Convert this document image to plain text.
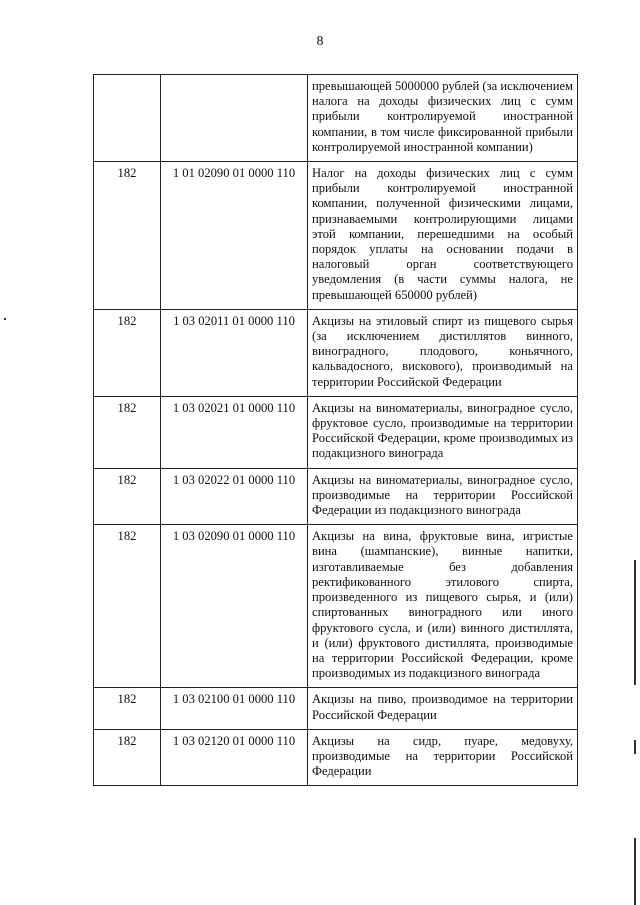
8
		превышающей 5000000 рублей (за исключением налога на доходы физических лиц с сумм прибыли контролируемой иностранной компании, в том числе фиксированной прибыли контролируемой иностранной компании)
182	1 01 02090 01 0000 110	Налог на доходы физических лиц с сумм прибыли контролируемой иностранной компании, полученной физическими лицами, признаваемыми контролирующими лицами этой компании, перешедшими на особый порядок уплаты на основании подачи в налоговый орган соответствующего уведомления (в части суммы налога, не превышающей 650000 рублей)
182	1 03 02011 01 0000 110	Акцизы на этиловый спирт из пищевого сырья (за исключением дистиллятов винного, виноградного, плодового, коньячного, кальвадосного, вискового), производимый на территории Российской Федерации
182	1 03 02021 01 0000 110	Акцизы на виноматериалы, виноградное сусло, фруктовое сусло, производимые на территории Российской Федерации, кроме производимых из подакцизного винограда
182	1 03 02022 01 0000 110	Акцизы на виноматериалы, виноградное сусло, производимые на территории Российской Федерации из подакцизного винограда
182	1 03 02090 01 0000 110	Акцизы на вина, фруктовые вина, игристые вина (шампанские), винные напитки, изготавливаемые без добавления ректификованного этилового спирта, произведенного из пищевого сырья, и (или) спиртованных виноградного или иного фруктового сусла, и (или) винного дистиллята, и (или) фруктового дистиллята, производимые на территории Российской Федерации, кроме производимых из подакцизного винограда
182	1 03 02100 01 0000 110	Акцизы на пиво, производимое на территории Российской Федерации
182	1 03 02120 01 0000 110	Акцизы на сидр, пуаре, медовуху, производимые на территории Российской Федерации
